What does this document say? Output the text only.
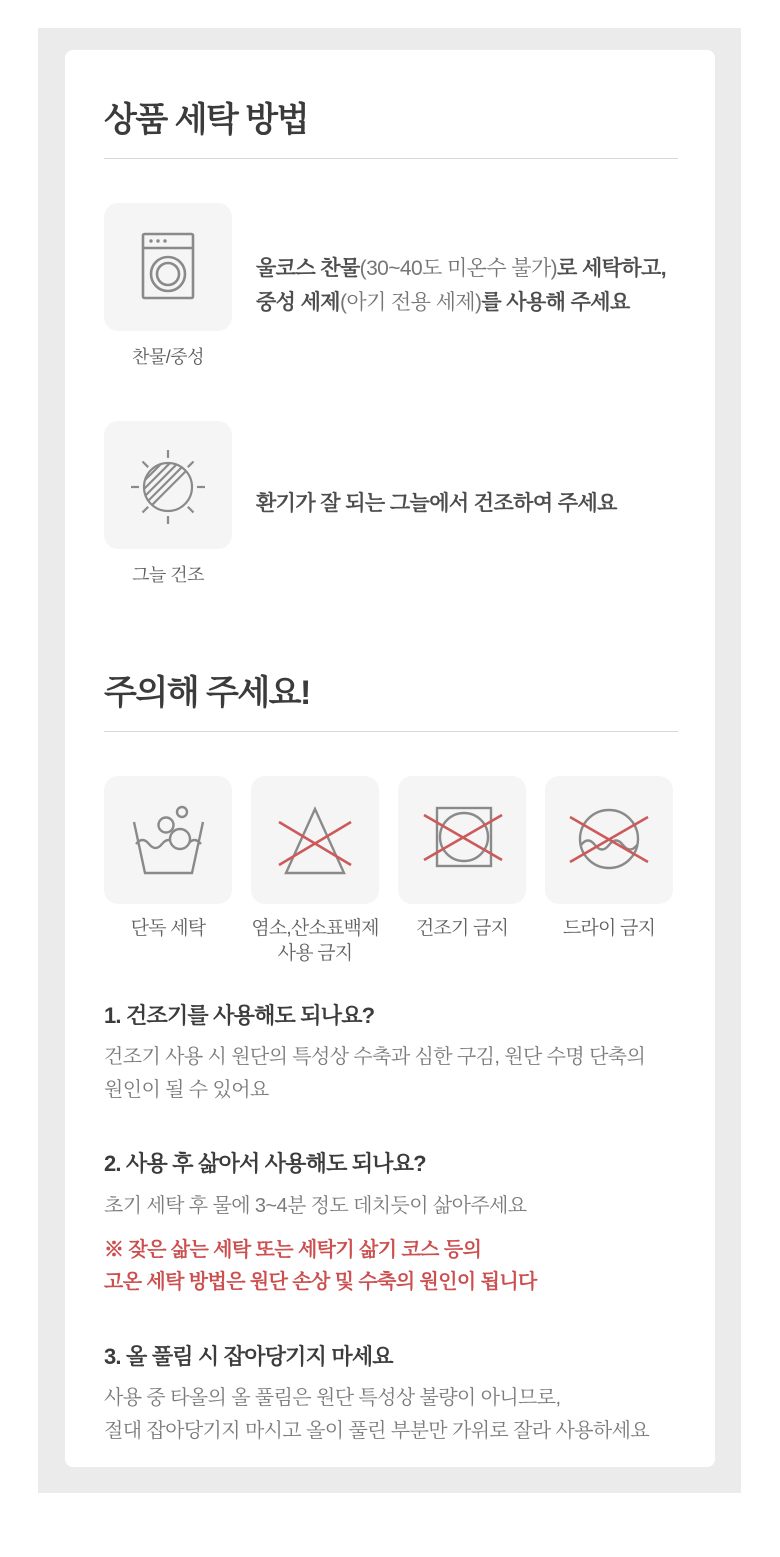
상품 세탁 방법
찬물/중성

울코스 찬물(30~40도 미온수 불가)로 세탁하고,

중성 세제(아기 전용 세제)를 사용해 주세요

그늘 건조

환기가 잘 되는 그늘에서 건조하여 주세요

주의해 주세요!
단독 세탁 염소,산소표백제
사용 금지
건조기 금지	드라이 금지
1. 건조기를 사용해도 되나요?

건조기 사용 시 원단의 특성상 수축과 심한 구김, 원단 수명 단축의
원인이 될 수 있어요

2. 사용 후 삶아서 사용해도 되나요?

초기 세탁 후 물에 3~4분 정도 데치듯이 삶아주세요

※ 잦은 삶는 세탁 또는 세탁기 삶기 코스 등의
고온 세탁 방법은 원단 손상 및 수축의 원인이 됩니다

3. 올 풀림 시 잡아당기지 마세요

사용 중 타올의 올 풀림은 원단 특성상 불량이 아니므로,
절대 잡아당기지 마시고 올이 풀린 부분만 가위로 잘라 사용하세요
